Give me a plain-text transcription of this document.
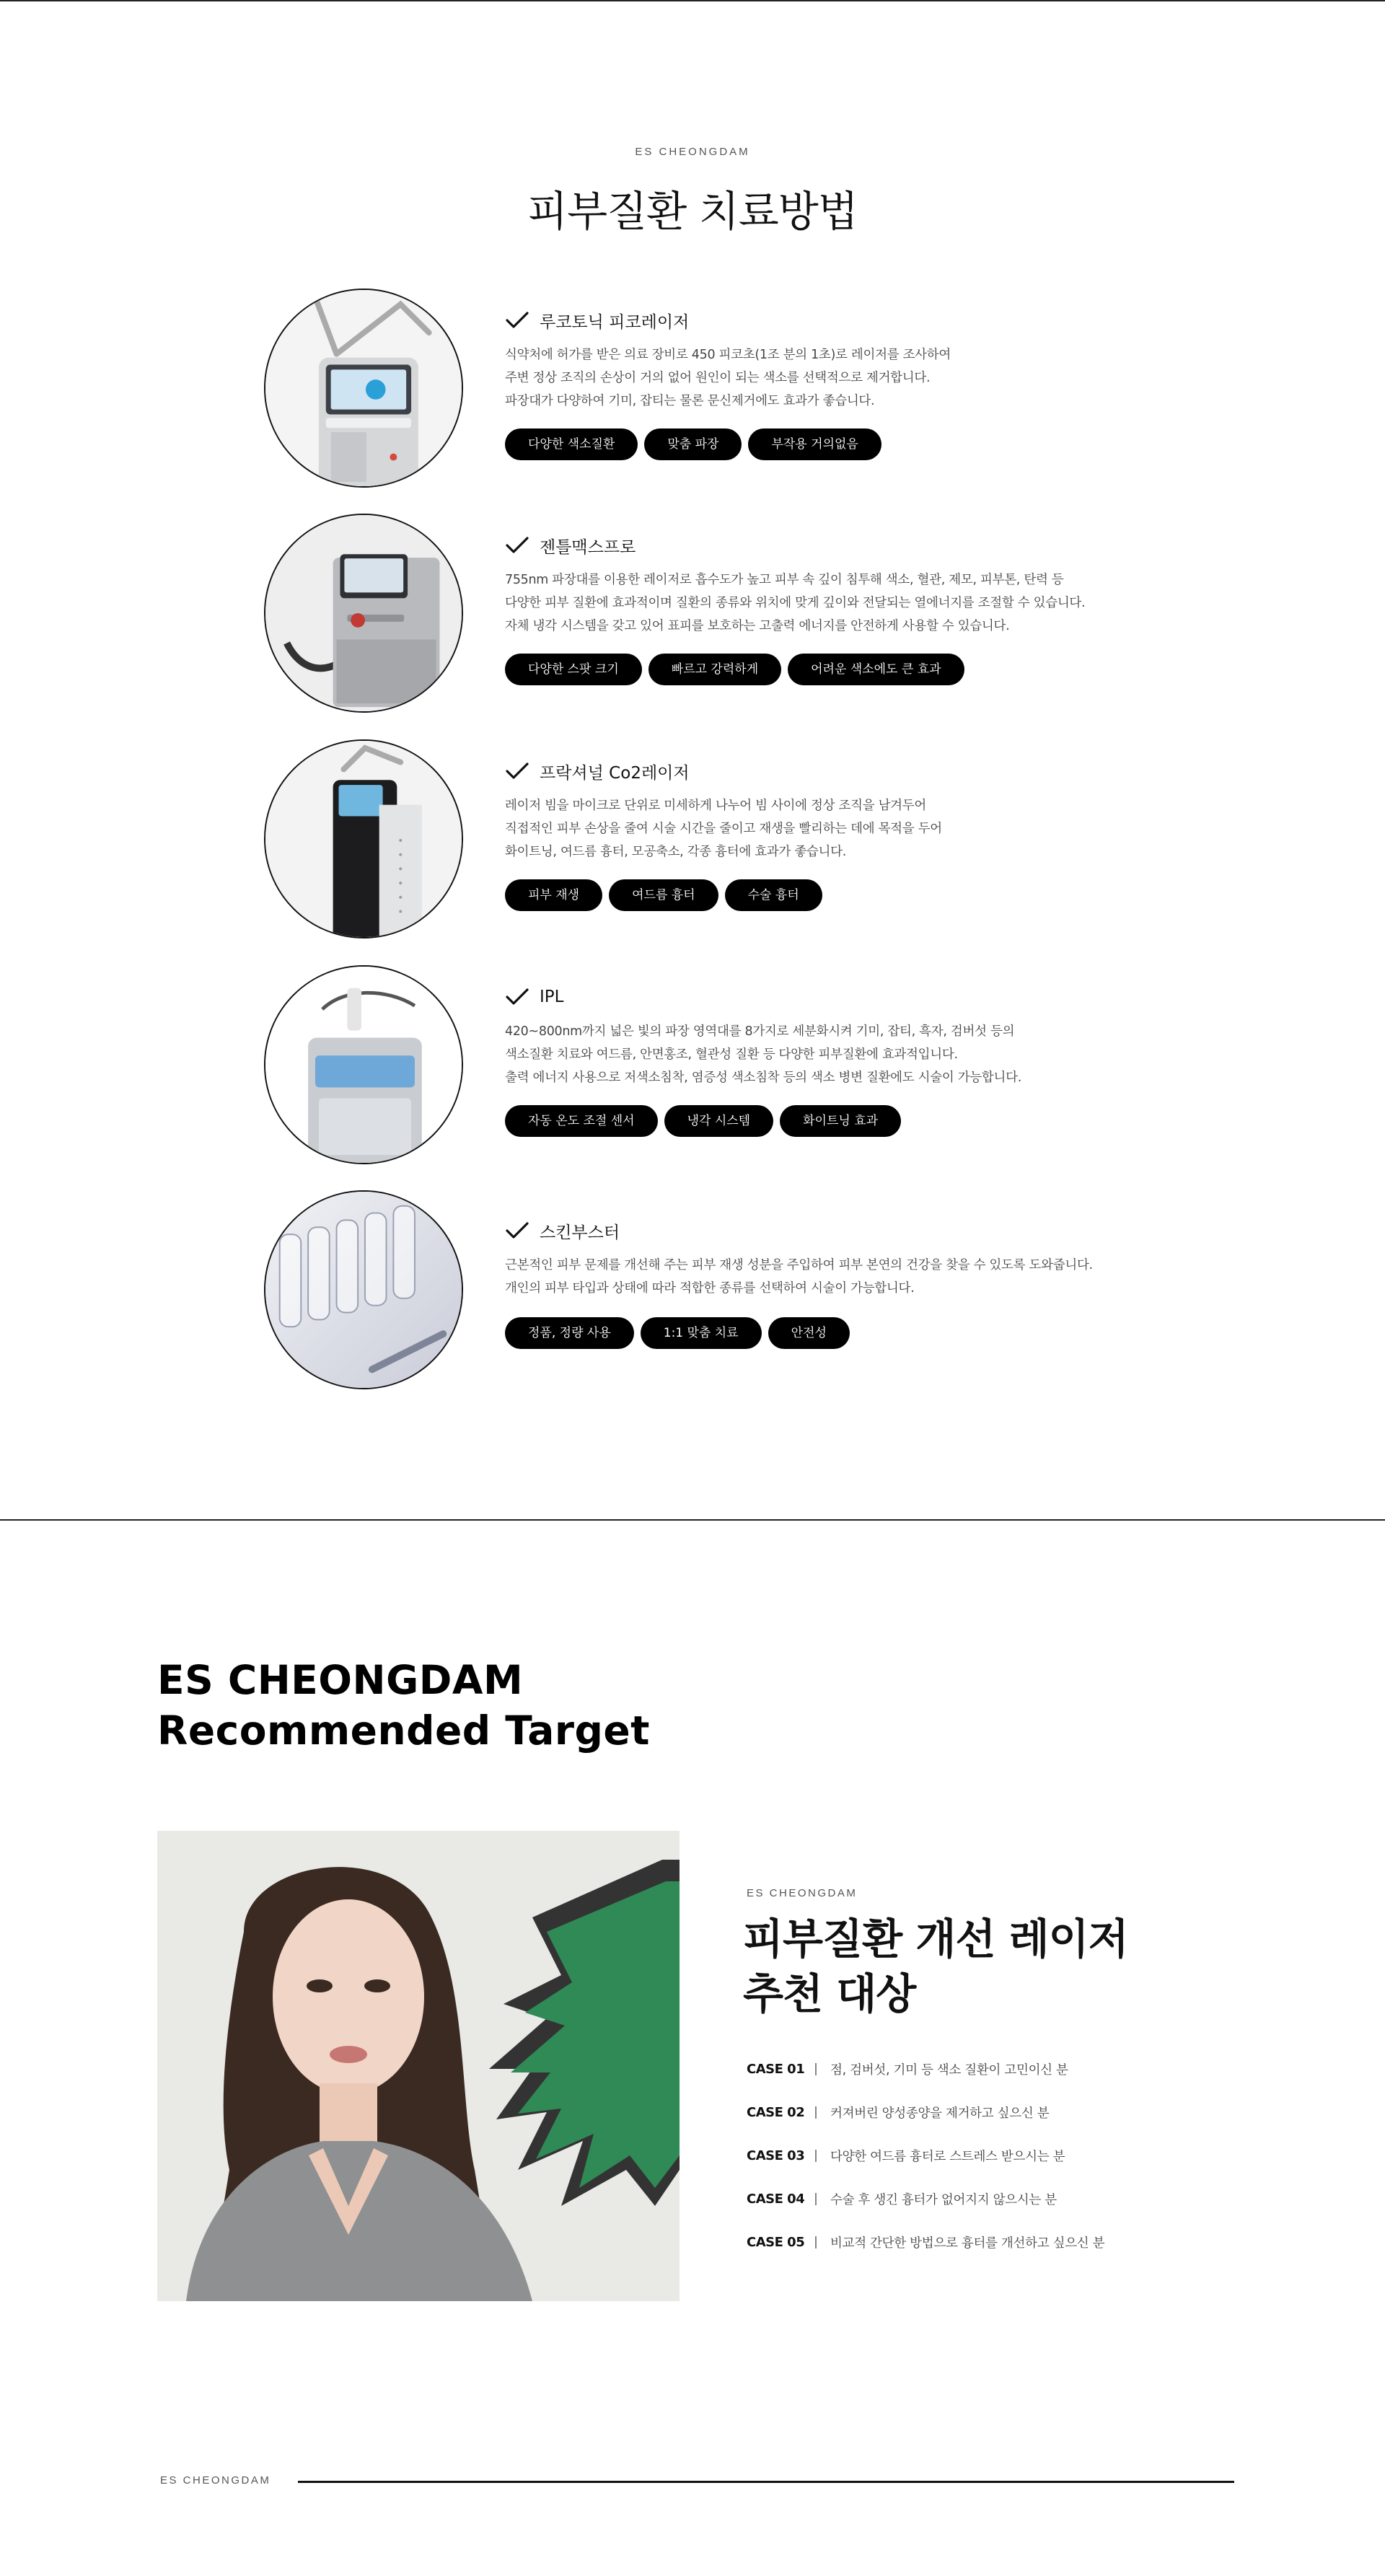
ES CHEONGDAM
피부질환 치료방법
루코토닉 피코레이저
식약처에 허가를 받은 의료 장비로 450 피코초(1조 분의 1초)로 레이저를 조사하여
주변 정상 조직의 손상이 거의 없어 원인이 되는 색소를 선택적으로 제거합니다.
파장대가 다양하여 기미, 잡티는 물론 문신제거에도 효과가 좋습니다.
다양한 색소질환	맞춤 파장	부작용 거의없음
젠틀맥스프로
755nm 파장대를 이용한 레이저로 흡수도가 높고 피부 속 깊이 침투해 색소, 혈관, 제모, 피부톤, 탄력 등
다양한 피부 질환에 효과적이며 질환의 종류와 위치에 맞게 깊이와 전달되는 열에너지를 조절할 수 있습니다.
자체 냉각 시스템을 갖고 있어 표피를 보호하는 고출력 에너지를 안전하게 사용할 수 있습니다.
다양한 스팟 크기	빠르고 강력하게	어려운 색소에도 큰 효과
프락셔널 Co2레이저
레이저 빔을 마이크로 단위로 미세하게 나누어 빔 사이에 정상 조직을 남겨두어
직접적인 피부 손상을 줄여 시술 시간을 줄이고 재생을 빨리하는 데에 목적을 두어
화이트닝, 여드름 흉터, 모공축소, 각종 흉터에 효과가 좋습니다.
피부 재생	여드름 흉터	수술 흉터
IPL
420~800nm까지 넓은 빛의 파장 영역대를 8가지로 세분화시켜 기미, 잡티, 흑자, 검버섯 등의
색소질환 치료와 여드름, 안면홍조, 혈관성 질환 등 다양한 피부질환에 효과적입니다.
출력 에너지 사용으로 저색소침착, 염증성 색소침착 등의 색소 병변 질환에도 시술이 가능합니다.
자동 온도 조절 센서	냉각 시스템	화이트닝 효과
스킨부스터
근본적인 피부 문제를 개선해 주는 피부 재생 성분을 주입하여 피부 본연의 건강을 찾을 수 있도록 도와줍니다.
개인의 피부 타입과 상태에 따라 적합한 종류를 선택하여 시술이 가능합니다.
정품, 정량 사용	1:1 맞춤 치료	안전성
ES CHEONGDAM
Recommended Target
ES CHEONGDAM
피부질환 개선 레이저
추천 대상
CASE 01 | 점, 검버섯, 기미 등 색소 질환이 고민이신 분
CASE 02 | 커져버린 양성종양을 제거하고 싶으신 분
CASE 03 | 다양한 여드름 흉터로 스트레스 받으시는 분
CASE 04 | 수술 후 생긴 흉터가 없어지지 않으시는 분
CASE 05 | 비교적 간단한 방법으로 흉터를 개선하고 싶으신 분
ES CHEONGDAM
